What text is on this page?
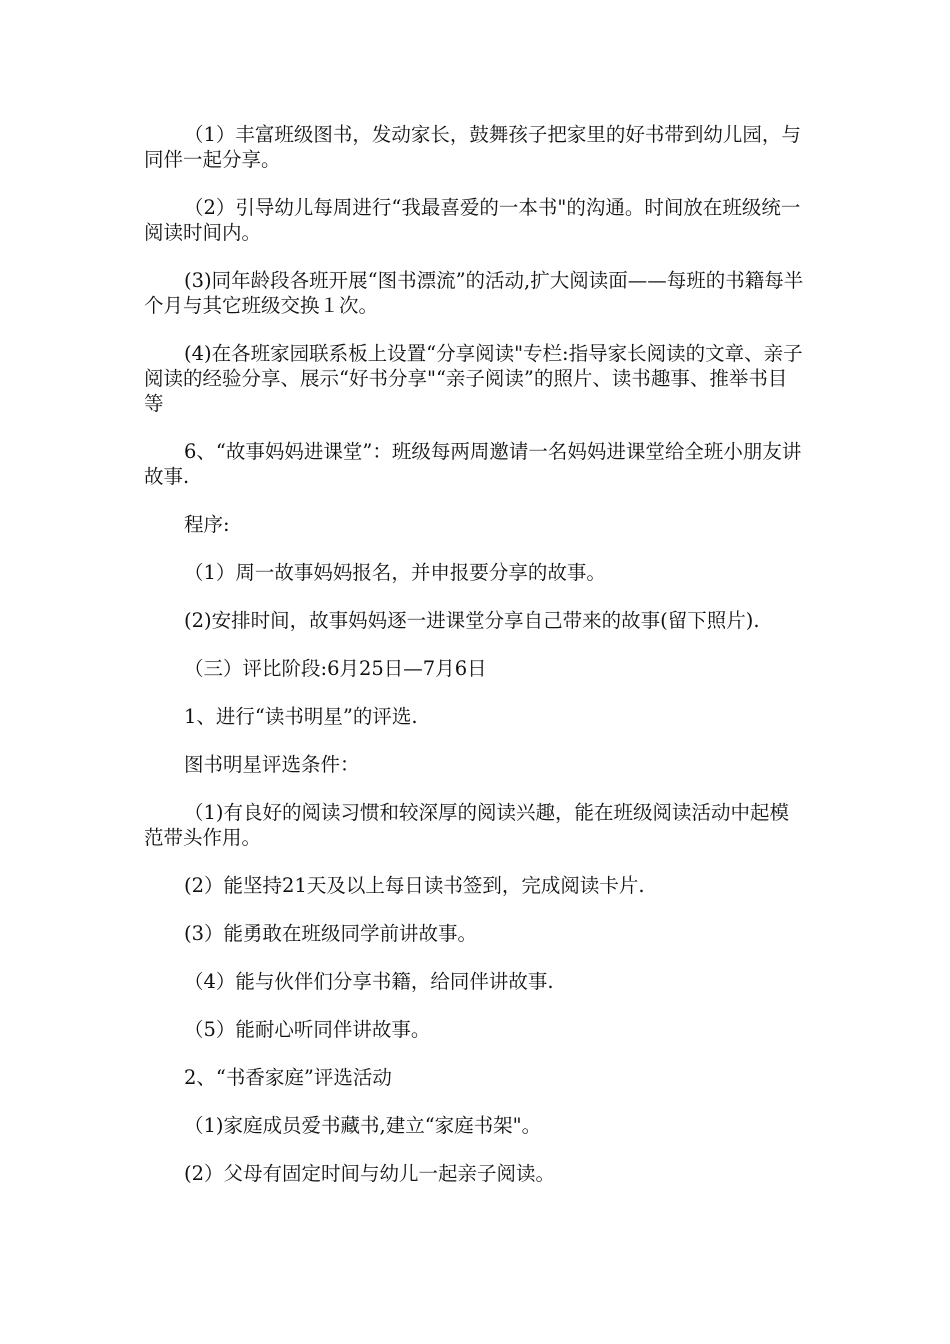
（1）丰富班级图书，发动家长，鼓舞孩子把家里的好书带到幼儿园，与同伴一起分享。

（2）引导幼儿每周进行“我最喜爱的一本书"的沟通。时间放在班级统一阅读时间内。

(3)同年龄段各班开展“图书漂流”的活动,扩大阅读面——每班的书籍每半个月与其它班级交换１次。

(4)在各班家园联系板上设置“分享阅读"专栏:指导家长阅读的文章、亲子阅读的经验分享、展示“好书分享"“亲子阅读”的照片、读书趣事、推举书目等

6、“故事妈妈进课堂”：班级每两周邀请一名妈妈进课堂给全班小朋友讲故事.

程序:

（1）周一故事妈妈报名，并申报要分享的故事。

(2)安排时间，故事妈妈逐一进课堂分享自己带来的故事(留下照片).

（三）评比阶段:6月25日—7月6日

1、进行“读书明星”的评选.

图书明星评选条件：

（1)有良好的阅读习惯和较深厚的阅读兴趣，能在班级阅读活动中起模范带头作用。

(2）能坚持21天及以上每日读书签到，完成阅读卡片.

(3）能勇敢在班级同学前讲故事。

（4）能与伙伴们分享书籍，给同伴讲故事.

（5）能耐心听同伴讲故事。

2、“书香家庭”评选活动

（1)家庭成员爱书藏书,建立“家庭书架"。

(2）父母有固定时间与幼儿一起亲子阅读。
